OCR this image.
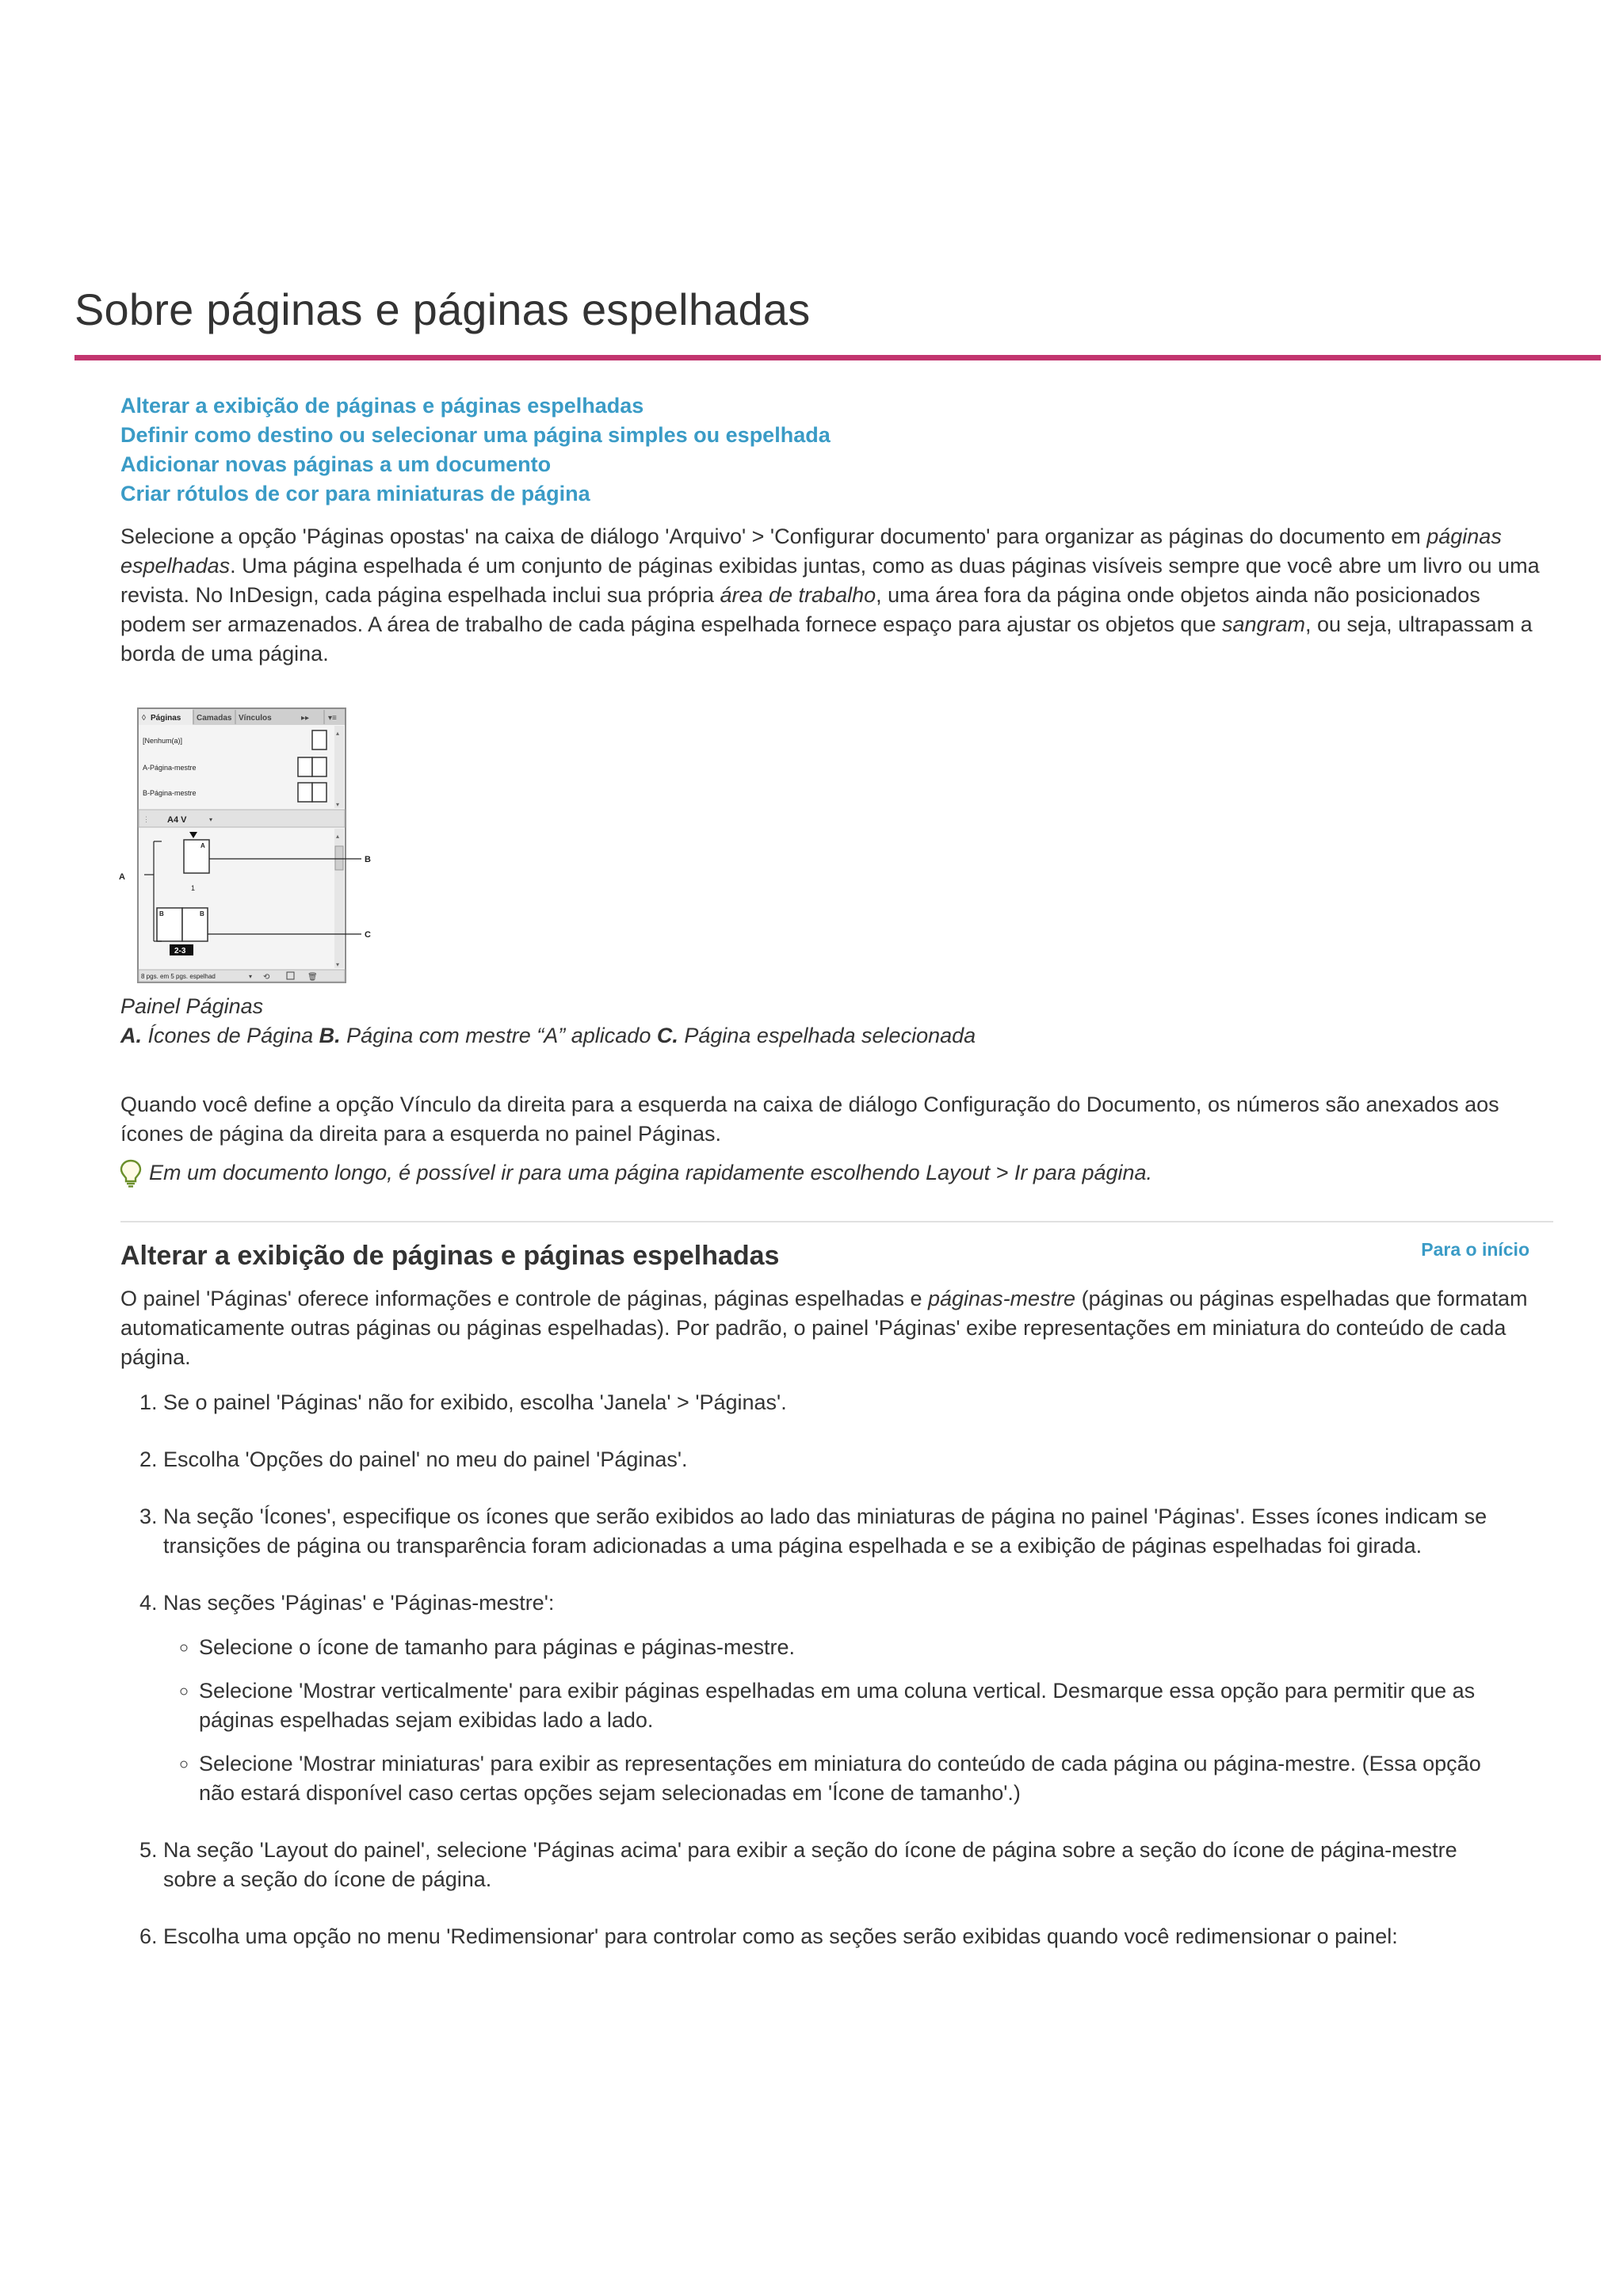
Sobre páginas e páginas espelhadas
Alterar a exibição de páginas e páginas espelhadas
Definir como destino ou selecionar uma página simples ou espelhada
Adicionar novas páginas a um documento
Criar rótulos de cor para miniaturas de página

Selecione a opção 'Páginas opostas' na caixa de diálogo 'Arquivo' > 'Configurar documento' para organizar as páginas do documento em páginas espelhadas. Uma página espelhada é um conjunto de páginas exibidas juntas, como as duas páginas visíveis sempre que você abre um livro ou uma revista. No InDesign, cada página espelhada inclui sua própria área de trabalho, uma área fora da página onde objetos ainda não posicionados podem ser armazenados. A área de trabalho de cada página espelhada fornece espaço para ajustar os objetos que sangram, ou seja, ultrapassam a borda de uma página.

◊ Páginas Camadas Vínculos	▸▸ ▾≡
[Nenhum(a)]
A-Página-mestre
B-Página-mestre
▴
▾
⋮ A4 V	▾
A
1
B	B
2-3
▴
▾
8 pgs. em 5 pgs. espelhad	▾ ⟲	🗑
A
B
C

Painel Páginas
A. Ícones de Página B. Página com mestre “A” aplicado C. Página espelhada selecionada

Quando você define a opção Vínculo da direita para a esquerda na caixa de diálogo Configuração do Documento, os números são anexados aos ícones de página da direita para a esquerda no painel Páginas.

Em um documento longo, é possível ir para uma página rapidamente escolhendo Layout > Ir para página.
Alterar a exibição de páginas e páginas espelhadas	Para o início

O painel 'Páginas' oferece informações e controle de páginas, páginas espelhadas e páginas-mestre (páginas ou páginas espelhadas que formatam automaticamente outras páginas ou páginas espelhadas). Por padrão, o painel 'Páginas' exibe representações em miniatura do conteúdo de cada página.

1. Se o painel 'Páginas' não for exibido, escolha 'Janela' > 'Páginas'.
2. Escolha 'Opções do painel' no meu do painel 'Páginas'.
3. Na seção 'Ícones', especifique os ícones que serão exibidos ao lado das miniaturas de página no painel 'Páginas'. Esses ícones indicam se transições de página ou transparência foram adicionadas a uma página espelhada e se a exibição de páginas espelhadas foi girada.
4. Nas seções 'Páginas' e 'Páginas-mestre':
◦ Selecione o ícone de tamanho para páginas e páginas-mestre.
◦ Selecione 'Mostrar verticalmente' para exibir páginas espelhadas em uma coluna vertical. Desmarque essa opção para permitir que as páginas espelhadas sejam exibidas lado a lado.
◦ Selecione 'Mostrar miniaturas' para exibir as representações em miniatura do conteúdo de cada página ou página-mestre. (Essa opção não estará disponível caso certas opções sejam selecionadas em 'Ícone de tamanho'.)
5. Na seção 'Layout do painel', selecione 'Páginas acima' para exibir a seção do ícone de página sobre a seção do ícone de página-mestre sobre a seção do ícone de página.
6. Escolha uma opção no menu 'Redimensionar' para controlar como as seções serão exibidas quando você redimensionar o painel:
